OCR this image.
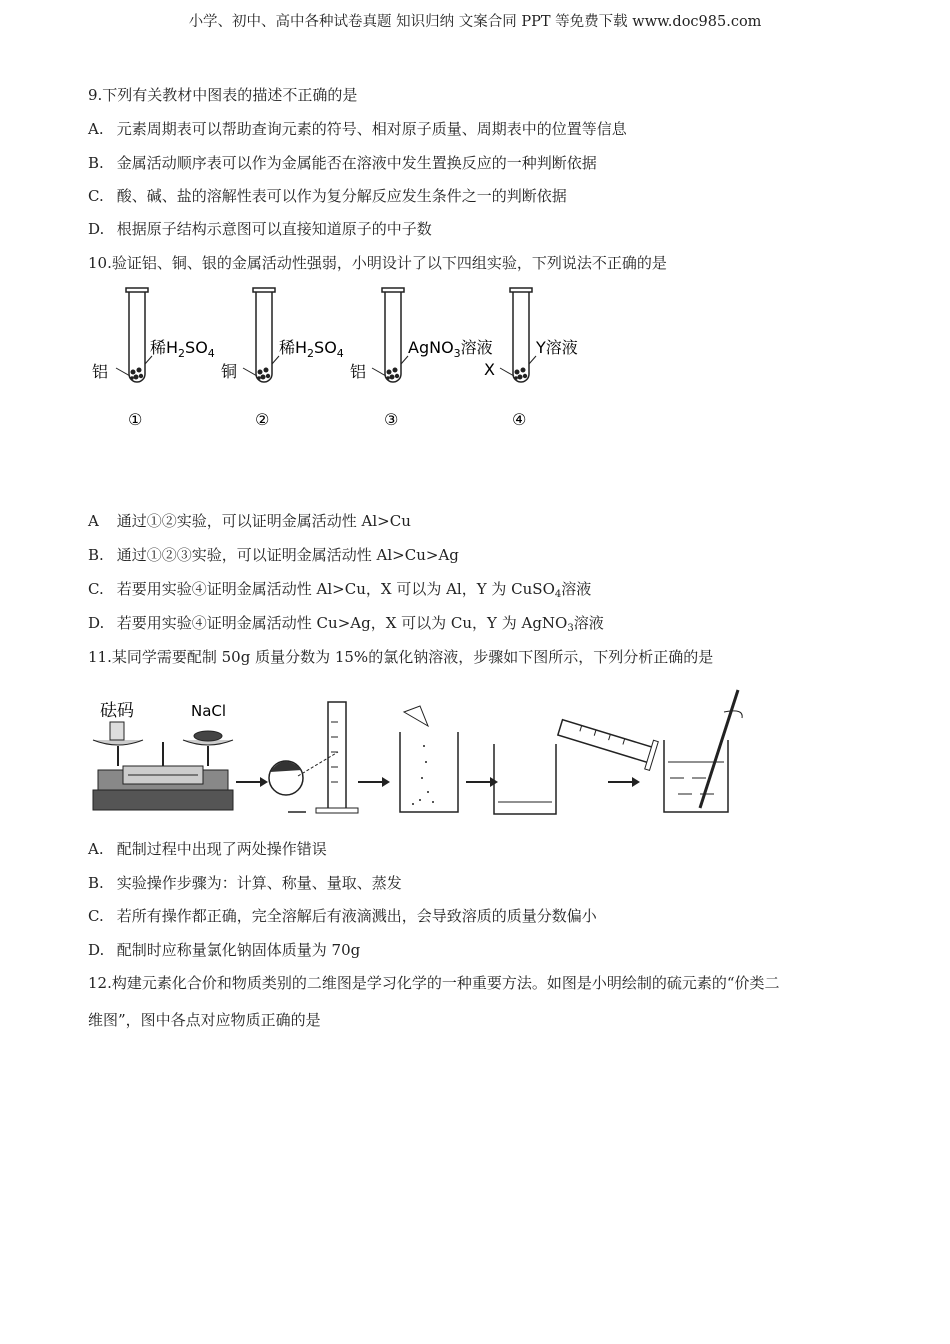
小学、初中、高中各种试卷真题 知识归纳 文案合同 PPT 等免费下载 www.doc985.com
9.下列有关教材中图表的描述不正确的是
A. 元素周期表可以帮助查询元素的符号、相对原子质量、周期表中的位置等信息
B. 金属活动顺序表可以作为金属能否在溶液中发生置换反应的一种判断依据
C. 酸、碱、盐的溶解性表可以作为复分解反应发生条件之一的判断依据
D. 根据原子结构示意图可以直接知道原子的中子数
10.验证铝、铜、银的金属活动性强弱，小明设计了以下四组实验，下列说法不正确的是
铝
稀$H_2SO_4$
①
铜
稀$H_2SO_4$
②
铝
AgNO$_3$溶液
③
X
Y溶液
④
A 通过①②实验，可以证明金属活动性 Al>Cu
B. 通过①②③实验，可以证明金属活动性 Al>Cu>Ag
C. 若要用实验④证明金属活动性 Al>Cu，X 可以为 Al，Y 为 CuSO$_4$溶液
D. 若要用实验④证明金属活动性 Cu>Ag，X 可以为 Cu，Y 为 AgNO$_3$溶液
11.某同学需要配制 50g 质量分数为 15%的氯化钠溶液，步骤如下图所示，下列分析正确的是
砝码	NaCl
A. 配制过程中出现了两处操作错误
B. 实验操作步骤为：计算、称量、量取、蒸发
C. 若所有操作都正确，完全溶解后有液滴溅出，会导致溶质的质量分数偏小
D. 配制时应称量氯化钠固体质量为 70g
12.构建元素化合价和物质类别的二维图是学习化学的一种重要方法。如图是小明绘制的硫元素的“价类二
维图”，图中各点对应物质正确的是
